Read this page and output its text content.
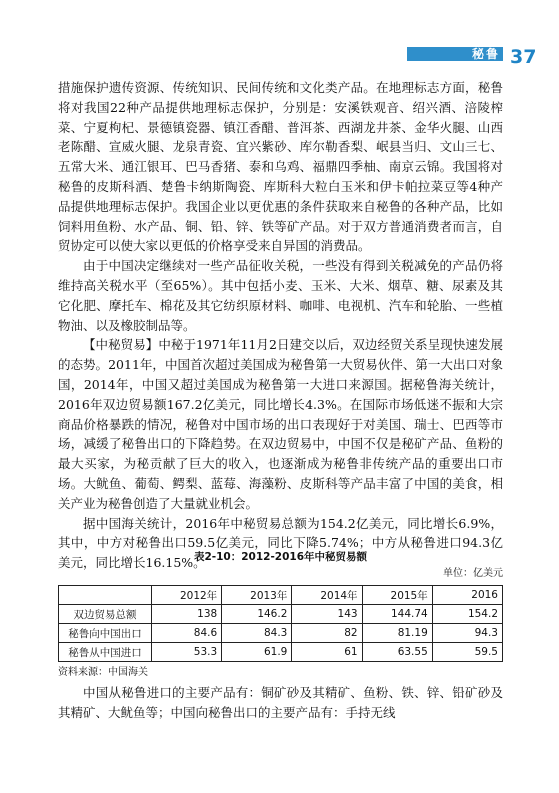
秘鲁 37

措施保护遗传资源、传统知识、民间传统和文化类产品。在地理标志方面，秘鲁将对我国22种产品提供地理标志保护，分别是：安溪铁观音、绍兴酒、涪陵榨菜、宁夏枸杞、景德镇瓷器、镇江香醋、普洱茶、西湖龙井茶、金华火腿、山西老陈醋、宣威火腿、龙泉青瓷、宜兴紫砂、库尔勒香梨、岷县当归、文山三七、五常大米、通江银耳、巴马香猪、泰和乌鸡、福鼎四季柚、南京云锦。我国将对秘鲁的皮斯科酒、楚鲁卡纳斯陶瓷、库斯科大粒白玉米和伊卡帕拉菜豆等4种产品提供地理标志保护。我国企业以更优惠的条件获取来自秘鲁的各种产品，比如饲料用鱼粉、水产品、铜、铅、锌、铁等矿产品。对于双方普通消费者而言，自贸协定可以使大家以更低的价格享受来自异国的消费品。

由于中国决定继续对一些产品征收关税，一些没有得到关税减免的产品仍将维持高关税水平（至65%）。其中包括小麦、玉米、大米、烟草、糖、尿素及其它化肥、摩托车、棉花及其它纺织原材料、咖啡、电视机、汽车和轮胎、一些植物油、以及橡胶制品等。

【中秘贸易】中秘于1971年11月2日建交以后，双边经贸关系呈现快速发展的态势。2011年，中国首次超过美国成为秘鲁第一大贸易伙伴、第一大出口对象国，2014年，中国又超过美国成为秘鲁第一大进口来源国。据秘鲁海关统计，2016年双边贸易额167.2亿美元，同比增长4.3%。在国际市场低迷不振和大宗商品价格暴跌的情况，秘鲁对中国市场的出口表现好于对美国、瑞士、巴西等市场，减缓了秘鲁出口的下降趋势。在双边贸易中，中国不仅是秘矿产品、鱼粉的最大买家，为秘贡献了巨大的收入，也逐渐成为秘鲁非传统产品的重要出口市场。大鱿鱼、葡萄、鳄梨、蓝莓、海藻粉、皮斯科等产品丰富了中国的美食，相关产业为秘鲁创造了大量就业机会。

据中国海关统计，2016年中秘贸易总额为154.2亿美元，同比增长6.9%，其中，中方对秘鲁出口59.5亿美元，同比下降5.74%；中方从秘鲁进口94.3亿美元，同比增长16.15%。

表2-10：2012-2016年中秘贸易额
单位：亿美元
	2012年	2013年	2014年	2015年	2016
双边贸易总额	138	146.2	143	144.74	154.2
秘鲁向中国出口	84.6	84.3	82	81.19	94.3
秘鲁从中国进口	53.3	61.9	61	63.55	59.5
资料来源：中国海关

中国从秘鲁进口的主要产品有：铜矿砂及其精矿、鱼粉、铁、锌、铅矿砂及其精矿、大鱿鱼等；中国向秘鲁出口的主要产品有：手持无线
